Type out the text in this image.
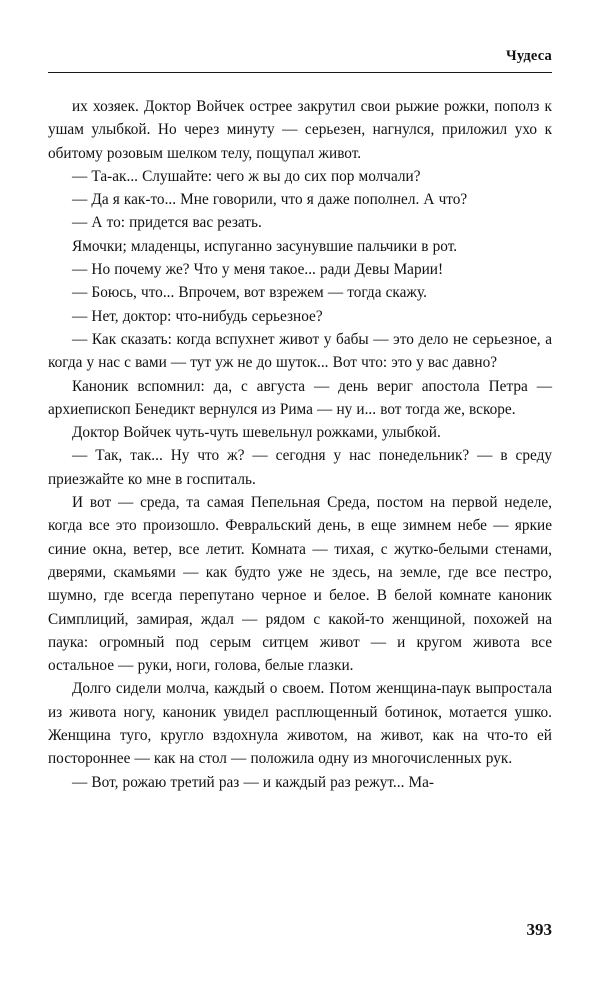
Чудеса

их хозяек. Доктор Войчек острее закрутил свои рыжие рожки, пополз к ушам улыбкой. Но через минуту — серьезен, нагнулся, приложил ухо к обитому розовым шелком телу, пощупал живот.

— Та-ак... Слушайте: чего ж вы до сих пор молчали?

— Да я как-то... Мне говорили, что я даже пополнел. А что?

— А то: придется вас резать.

Ямочки; младенцы, испуганно засунувшие пальчики в рот.

— Но почему же? Что у меня такое... ради Девы Марии!

— Боюсь, что... Впрочем, вот взрежем — тогда скажу.

— Нет, доктор: что-нибудь серьезное?

— Как сказать: когда вспухнет живот у бабы — это дело не серьезное, а когда у нас с вами — тут уж не до шуток... Вот что: это у вас давно?

Каноник вспомнил: да, с августа — день вериг апостола Петра — архиепископ Бенедикт вернулся из Рима — ну и... вот тогда же, вскоре.

Доктор Войчек чуть-чуть шевельнул рожками, улыбкой.

— Так, так... Ну что ж? — сегодня у нас понедельник? — в среду приезжайте ко мне в госпиталь.

И вот — среда, та самая Пепельная Среда, постом на первой неделе, когда все это произошло. Февральский день, в еще зимнем небе — яркие синие окна, ветер, все летит. Комната — тихая, с жутко-белыми стенами, дверями, скамьями — как будто уже не здесь, на земле, где все пестро, шумно, где всегда перепутано черное и белое. В белой комнате каноник Симплиций, замирая, ждал — рядом с какой-то женщиной, похожей на паука: огромный под серым ситцем живот — и кругом живота все остальное — руки, ноги, голова, белые глазки.

Долго сидели молча, каждый о своем. Потом женщина-паук выпростала из живота ногу, каноник увидел расплющенный ботинок, мотается ушко. Женщина туго, кругло вздохнула животом, на живот, как на что-то ей постороннее — как на стол — положила одну из многочисленных рук.

— Вот, рожаю третий раз — и каждый раз режут... Ма-

393
